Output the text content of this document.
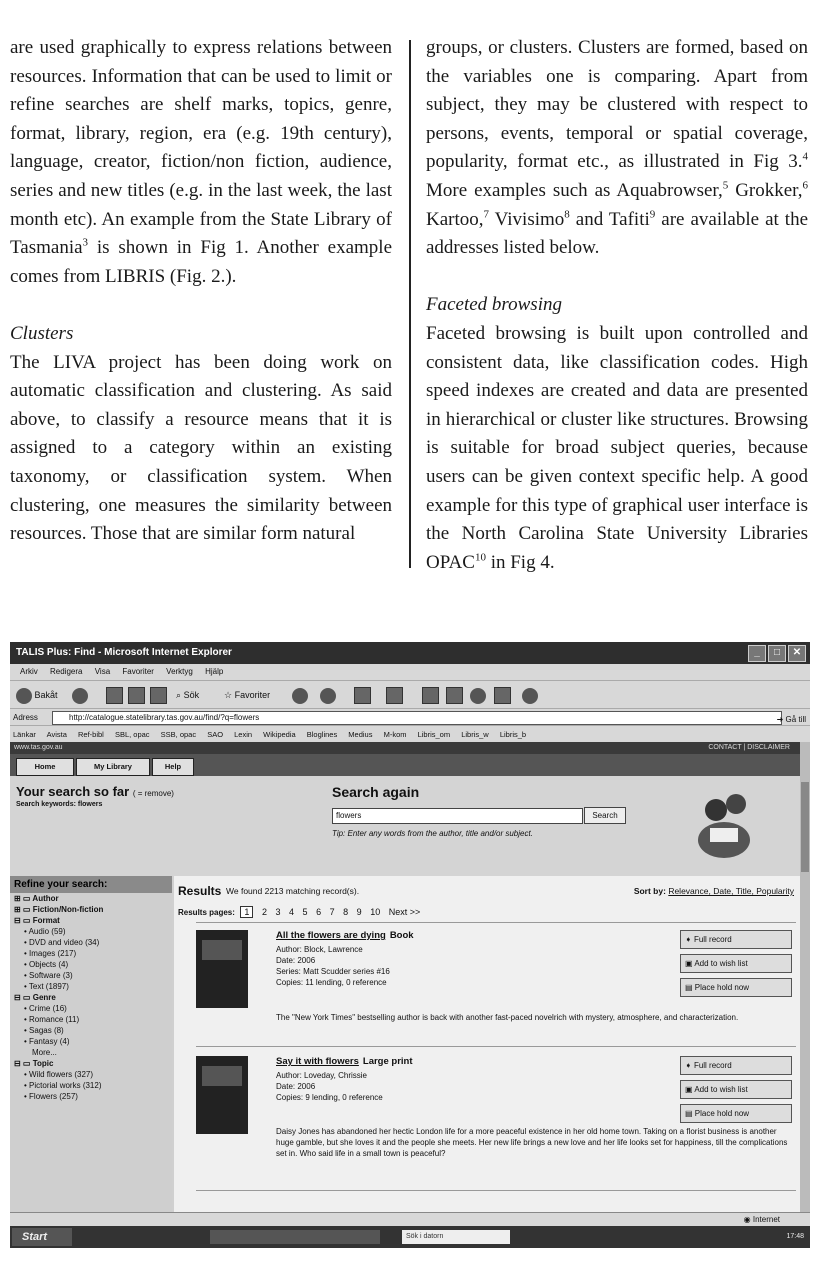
are used graphically to express relations between resources. Information that can be used to limit or refine searches are shelf marks, topics, genre, format, library, region, era (e.g. 19th century), language, creator, fiction/non fiction, audience, series and new titles (e.g. in the last week, the last month etc). An example from the State Library of Tasmania$^3$ is shown in Fig 1. Another example comes from LIBRIS (Fig. 2.).

Clusters

The LIVA project has been doing work on automatic classification and clustering. As said above, to classify a resource means that it is assigned to a category within an existing taxonomy, or classification system. When clustering, one measures the similarity between resources. Those that are similar form natural

groups, or clusters. Clusters are formed, based on the variables one is comparing. Apart from subject, they may be clustered with respect to persons, events, temporal or spatial coverage, popularity, format etc., as illustrated in Fig 3.$^4$ More examples such as Aquabrowser,$^5$ Grokker,$^6$ Kartoo,$^7$ Vivisimo$^8$ and Tafiti$^9$ are available at the addresses listed below.

Faceted browsing

Faceted browsing is built upon controlled and consistent data, like classification codes. High speed indexes are created and data are presented in hierarchical or cluster like structures. Browsing is suitable for broad subject queries, because users can be given context specific help. A good example for this type of graphical user interface is the North Carolina State University Libraries OPAC$^{10}$ in Fig 4.

TALIS Plus: Find - Microsoft Internet Explorer	_	□	✕
Arkiv Redigera Visa Favoriter Verktyg Hjälp
Bakåt	⌕ Sök	☆ Favoriter
Adress	http://catalogue.statelibrary.tas.gov.au/find/?q=flowers	➜ Gå till
Länkar Avista Ref-bibl SBL, opac SSB, opac SAO Lexin Wikipedia Bloglines Medius M-kom Libris_om Libris_w Libris_b
www.tas.gov.au	CONTACT | DISCLAIMER
Home	My Library	Help
Your search so far ( = remove)
Search keywords: flowers
Search again
flowers	Search
Tip: Enter any words from the author, title and/or subject.
Refine your search:
⊞ ▭ Author
⊞ ▭ Fiction/Non-fiction
⊟ ▭ Format
• Audio (59)
• DVD and video (34)
• Images (217)
• Objects (4)
• Software (3)
• Text (1897)
⊟ ▭ Genre
• Crime (16)
• Romance (11)
• Sagas (8)
• Fantasy (4)
More...
⊟ ▭ Topic
• Wild flowers (327)
• Pictorial works (312)
• Flowers (257)
Results We found 2213 matching record(s).	Sort by: Relevance, Date, Title, Popularity
Results pages: 1 2 3 4 5 6 7 8 9 10 Next >>
All the flowers are dying Book
Author: Block, Lawrence
Date: 2006
Series: Matt Scudder series #16
Copies: 11 lending, 0 reference
The "New York Times" bestselling author is back with another fast-paced novelrich with mystery, atmosphere, and characterization.
➧ Full record
▣ Add to wish list
▤ Place hold now
Say it with flowers Large print
Author: Loveday, Chrissie
Date: 2006
Copies: 9 lending, 0 reference
Daisy Jones has abandoned her hectic London life for a more peaceful existence in her old home town. Taking on a florist business is another huge gamble, but she loves it and the people she meets. Her new life brings a new love and her life looks set for happiness, till the complications set in. Who said life in a small town is peaceful?
➧ Full record
▣ Add to wish list
▤ Place hold now
◉ Internet
Start	Sök i datorn	17:48
